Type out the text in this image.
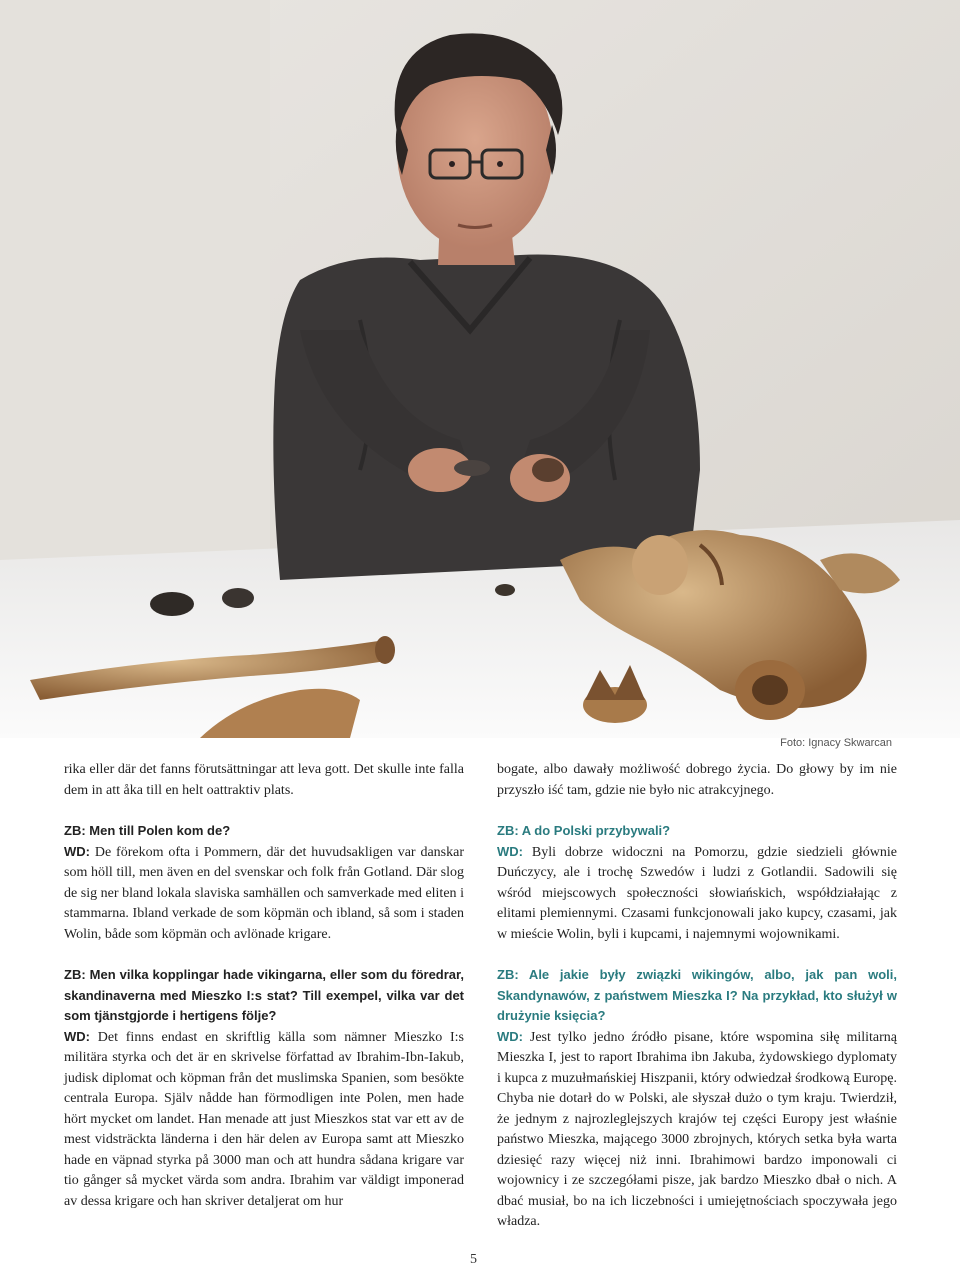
Foto: Ignacy Skwarcan

rika eller där det fanns förutsättningar att leva gott. Det skulle inte falla dem in att åka till en helt oattraktiv plats.

ZB: Men till Polen kom de?

WD: De förekom ofta i Pommern, där det huvudsakligen var danskar som höll till, men även en del svenskar och folk från Gotland. Där slog de sig ner bland lokala slaviska samhällen och samverkade med eliten i stammarna. Ibland verkade de som köpmän och ibland, så som i staden Wolin, både som köpmän och avlönade krigare.

ZB: Men vilka kopplingar hade vikingarna, eller som du föredrar, skandinaverna med Mieszko I:s stat? Till exempel, vilka var det som tjänstgjorde i hertigens följe?

WD: Det finns endast en skriftlig källa som nämner Mieszko I:s militära styrka och det är en skrivelse författad av Ibrahim-Ibn-Iakub, judisk diplomat och köpman från det muslimska Spanien, som besökte centrala Europa. Själv nådde han förmodligen inte Polen, men hade hört mycket om landet. Han menade att just Mieszkos stat var ett av de mest vidsträckta länderna i den här delen av Europa samt att Mieszko hade en väpnad styrka på 3000 man och att hundra sådana krigare var tio gånger så mycket värda som andra. Ibrahim var väldigt imponerad av dessa krigare och han skriver detaljerat om hur

bogate, albo dawały możliwość dobrego życia. Do głowy by im nie przyszło iść tam, gdzie nie było nic atrakcyjnego.

ZB: A do Polski przybywali?

WD: Byli dobrze widoczni na Pomorzu, gdzie siedzieli głównie Duńczycy, ale i trochę Szwedów i ludzi z Gotlandii. Sadowili się wśród miejscowych społeczności słowiańskich, współdziałając z elitami plemiennymi. Czasami funkcjonowali jako kupcy, czasami, jak w mieście Wolin, byli i kupcami, i najemnymi wojownikami.

ZB: Ale jakie były związki wikingów, albo, jak pan woli, Skandynawów, z państwem Mieszka I? Na przykład, kto służył w drużynie księcia?

WD: Jest tylko jedno źródło pisane, które wspomina siłę militarną Mieszka I, jest to raport Ibrahima ibn Jakuba, żydowskiego dyplomaty i kupca z muzułmańskiej Hiszpanii, który odwiedzał środkową Europę. Chyba nie dotarł do w Polski, ale słyszał dużo o tym kraju. Twierdził, że jednym z najrozleglejszych krajów tej części Europy jest właśnie państwo Mieszka, mającego 3000 zbrojnych, których setka była warta dziesięć razy więcej niż inni. Ibrahimowi bardzo imponowali ci wojownicy i ze szczegółami pisze, jak bardzo Mieszko dbał o nich. A dbać musiał, bo na ich liczebności i umiejętnościach spoczywała jego władza.

5
